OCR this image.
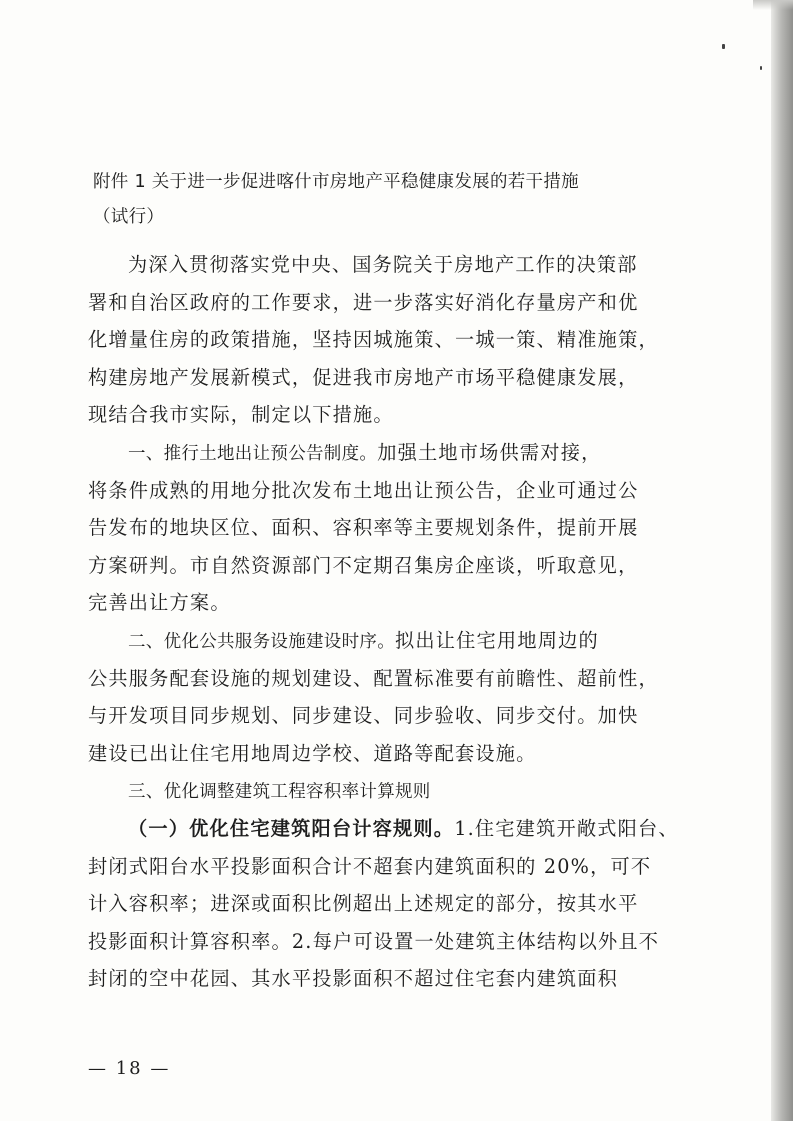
附件 1 关于进一步促进喀什市房地产平稳健康发展的若干措施
（试行）
为深入贯彻落实党中央、国务院关于房地产工作的决策部
署和自治区政府的工作要求，进一步落实好消化存量房产和优
化增量住房的政策措施，坚持因城施策、一城一策、精准施策，
构建房地产发展新模式，促进我市房地产市场平稳健康发展，
现结合我市实际，制定以下措施。
一、推行土地出让预公告制度。加强土地市场供需对接，
将条件成熟的用地分批次发布土地出让预公告，企业可通过公
告发布的地块区位、面积、容积率等主要规划条件，提前开展
方案研判。市自然资源部门不定期召集房企座谈，听取意见，
完善出让方案。
二、优化公共服务设施建设时序。拟出让住宅用地周边的
公共服务配套设施的规划建设、配置标准要有前瞻性、超前性，
与开发项目同步规划、同步建设、同步验收、同步交付。加快
建设已出让住宅用地周边学校、道路等配套设施。
三、优化调整建筑工程容积率计算规则
（一）优化住宅建筑阳台计容规则。1.住宅建筑开敞式阳台、
封闭式阳台水平投影面积合计不超套内建筑面积的 20%，可不
计入容积率；进深或面积比例超出上述规定的部分，按其水平
投影面积计算容积率。2.每户可设置一处建筑主体结构以外且不
封闭的空中花园、其水平投影面积不超过住宅套内建筑面积
— 18 —
